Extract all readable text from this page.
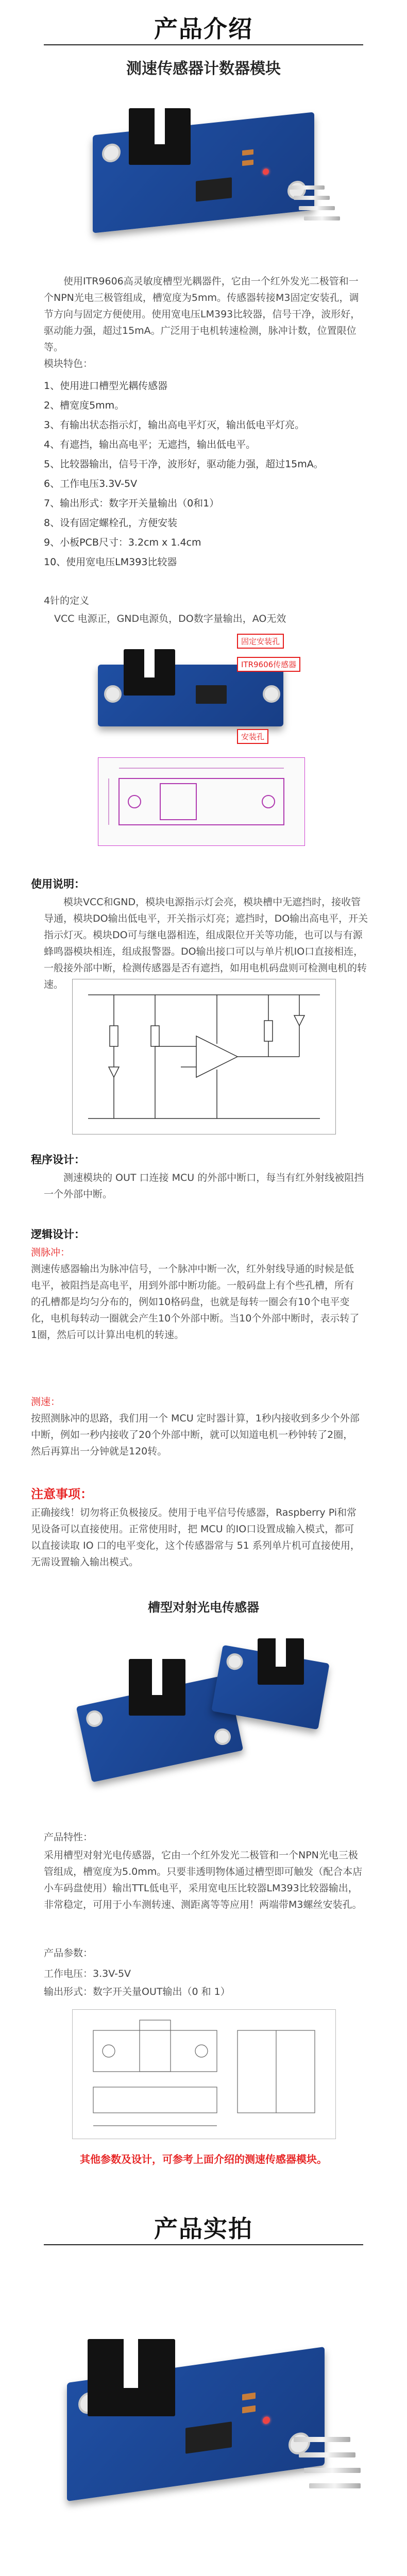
产品介绍
测速传感器计数器模块
使用ITR9606高灵敏度槽型光耦器件，它由一个红外发光二极管和一个NPN光电三极管组成，槽宽度为5mm。传感器转接M3固定安装孔，调节方向与固定方便使用。使用宽电压LM393比较器，信号干净，波形好，驱动能力强，超过15mA。广泛用于电机转速检测，脉冲计数，位置限位等。
模块特色：
1、使用进口槽型光耦传感器
2、槽宽度5mm。
3、有输出状态指示灯，输出高电平灯灭，输出低电平灯亮。
4、有遮挡，输出高电平；无遮挡，输出低电平。
5、比较器输出，信号干净，波形好，驱动能力强，超过15mA。
6、工作电压3.3V-5V
7、输出形式：数字开关量输出（0和1）
8、设有固定螺栓孔，方便安装
9、小板PCB尺寸：3.2cm x 1.4cm
10、使用宽电压LM393比较器
4针的定义
VCC 电源正，GND电源负，DO数字量输出，AO无效
固定安装孔
ITR9606传感器
安装孔
使用说明：
模块VCC和GND，模块电源指示灯会亮，模块槽中无遮挡时，接收管导通，模块DO输出低电平，开关指示灯亮；遮挡时，DO输出高电平，开关指示灯灭。模块DO可与继电器相连，组成限位开关等功能，也可以与有源蜂鸣器模块相连，组成报警器。DO输出接口可以与单片机IO口直接相连，一般接外部中断，检测传感器是否有遮挡，如用电机码盘则可检测电机的转速。
程序设计：
测速模块的 OUT 口连接 MCU 的外部中断口，每当有红外射线被阻挡一个外部中断。
逻辑设计：
测脉冲：
测速传感器输出为脉冲信号，一个脉冲中断一次，红外射线导通的时候是低电平，被阻挡是高电平，用到外部中断功能。一般码盘上有个些孔槽，所有的孔槽都是均匀分布的，例如10格码盘，也就是每转一圈会有10个电平变化，电机每转动一圈就会产生10个外部中断。当10个外部中断时，表示转了1圈，然后可以计算出电机的转速。
测速：
按照测脉冲的思路，我们用一个 MCU 定时器计算，1秒内接收到多少个外部中断，例如一秒内接收了20个外部中断，就可以知道电机一秒钟转了2圈，然后再算出一分钟就是120转。
注意事项：
正确接线！切勿将正负极接反。使用于电平信号传感器，Raspberry Pi和常见设备可以直接使用。正常使用时，把 MCU 的IO口设置成输入模式，都可以直接读取 IO 口的电平变化，这个传感器常与 51 系列单片机可直接使用，无需设置输入输出模式。
槽型对射光电传感器
产品特性：
采用槽型对射光电传感器，它由一个红外发光二极管和一个NPN光电三极管组成，槽宽度为5.0mm。只要非透明物体通过槽型即可触发（配合本店小车码盘使用）输出TTL低电平，采用宽电压比较器LM393比较器输出，非常稳定，可用于小车测转速、测距离等等应用！两端带M3螺丝安装孔。
产品参数：
工作电压：3.3V-5V
输出形式：数字开关量OUT输出（0 和 1）
其他参数及设计，可参考上面介绍的测速传感器模块。
产品实拍
